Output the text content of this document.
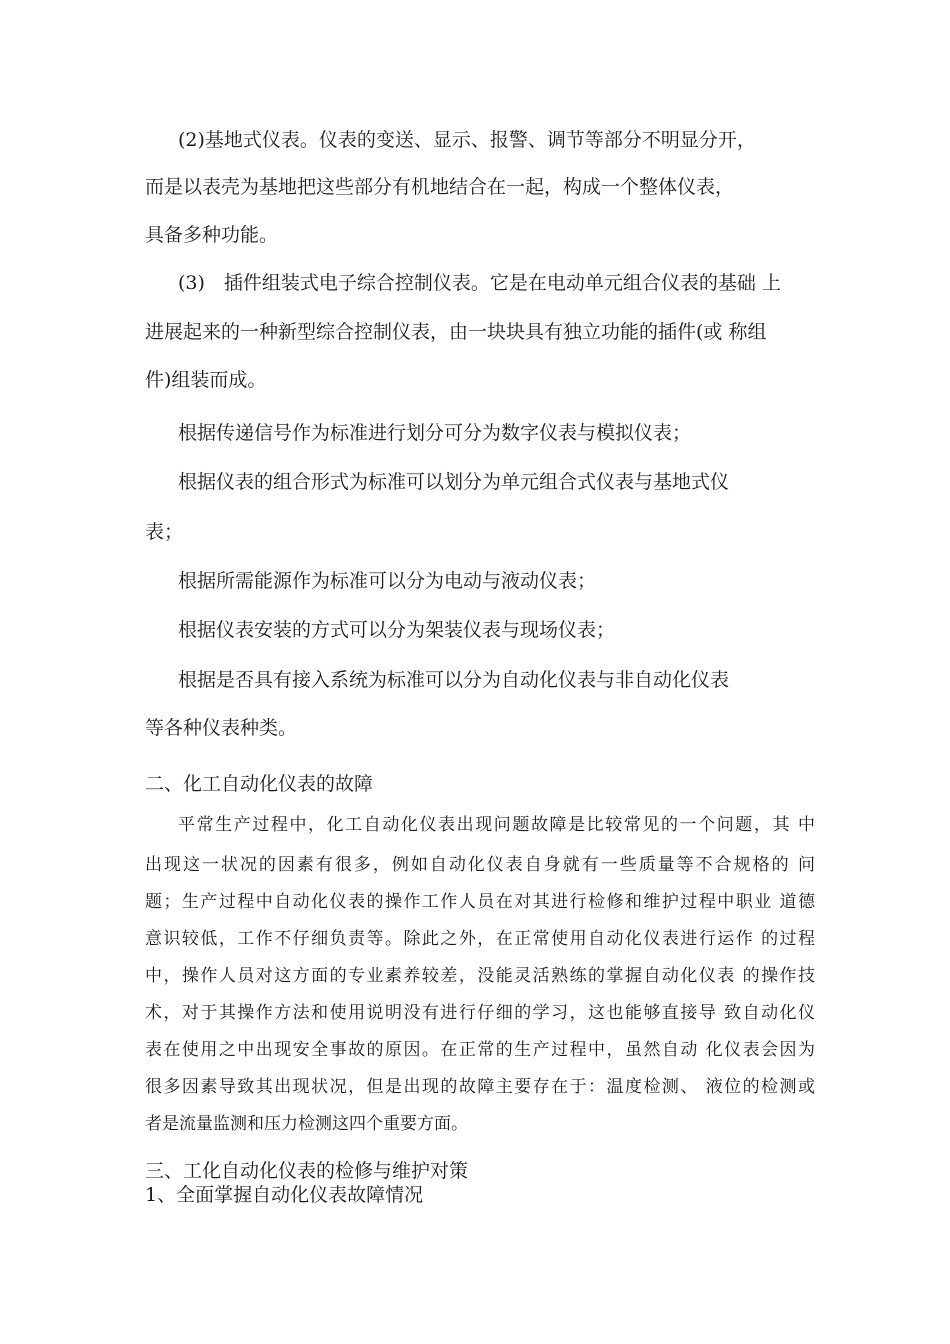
(2)基地式仪表。仪表的变送、显示、报警、调节等部分不明显分开，
而是以表壳为基地把这些部分有机地结合在一起，构成一个整体仪表，
具备多种功能。
(3)　插件组装式电子综合控制仪表。它是在电动单元组合仪表的基础 上
进展起来的一种新型综合控制仪表，由一块块具有独立功能的插件(或 称组
件)组装而成。
根据传递信号作为标准进行划分可分为数字仪表与模拟仪表；
根据仪表的组合形式为标准可以划分为单元组合式仪表与基地式仪
表；
根据所需能源作为标准可以分为电动与液动仪表；
根据仪表安装的方式可以分为架装仪表与现场仪表；
根据是否具有接入系统为标准可以分为自动化仪表与非自动化仪表
等各种仪表种类。
二、化工自动化仪表的故障
平常生产过程中，化工自动化仪表出现问题故障是比较常见的一个问题，其 中
出现这一状况的因素有很多，例如自动化仪表自身就有一些质量等不合规格的 问
题；生产过程中自动化仪表的操作工作人员在对其进行检修和维护过程中职业 道德
意识较低，工作不仔细负责等。除此之外，在正常使用自动化仪表进行运作 的过程
中，操作人员对这方面的专业素养较差，没能灵活熟练的掌握自动化仪表 的操作技
术，对于其操作方法和使用说明没有进行仔细的学习，这也能够直接导 致自动化仪
表在使用之中出现安全事故的原因。在正常的生产过程中，虽然自动 化仪表会因为
很多因素导致其出现状况，但是出现的故障主要存在于：温度检测、 液位的检测或
者是流量监测和压力检测这四个重要方面。
三、工化自动化仪表的检修与维护对策
1、全面掌握自动化仪表故障情况
